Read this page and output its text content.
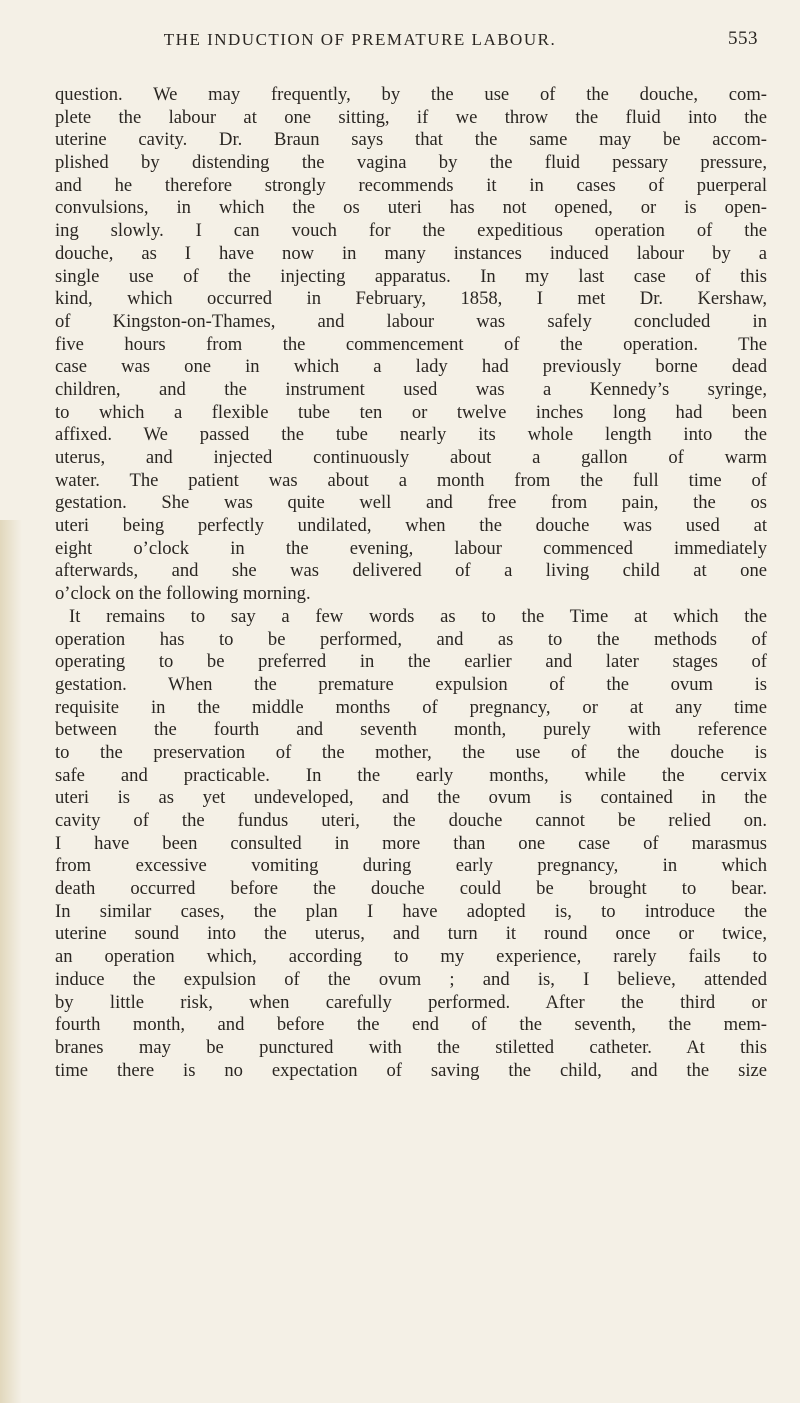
THE INDUCTION OF PREMATURE LABOUR.	553
question. We may frequently, by the use of the douche, com-
plete the labour at one sitting, if we throw the fluid into the
uterine cavity. Dr. Braun says that the same may be accom-
plished by distending the vagina by the fluid pessary pressure,
and he therefore strongly recommends it in cases of puerperal
convulsions, in which the os uteri has not opened, or is open-
ing slowly. I can vouch for the expeditious operation of the
douche, as I have now in many instances induced labour by a
single use of the injecting apparatus. In my last case of this
kind, which occurred in February, 1858, I met Dr. Kershaw,
of Kingston-on-Thames, and labour was safely concluded in
five hours from the commencement of the operation. The
case was one in which a lady had previously borne dead
children, and the instrument used was a Kennedy’s syringe,
to which a flexible tube ten or twelve inches long had been
affixed. We passed the tube nearly its whole length into the
uterus, and injected continuously about a gallon of warm
water. The patient was about a month from the full time of
gestation. She was quite well and free from pain, the os
uteri being perfectly undilated, when the douche was used at
eight o’clock in the evening, labour commenced immediately
afterwards, and she was delivered of a living child at one
o’clock on the following morning.
It remains to say a few words as to the Time at which the
operation has to be performed, and as to the methods of
operating to be preferred in the earlier and later stages of
gestation. When the premature expulsion of the ovum is
requisite in the middle months of pregnancy, or at any time
between the fourth and seventh month, purely with reference
to the preservation of the mother, the use of the douche is
safe and practicable. In the early months, while the cervix
uteri is as yet undeveloped, and the ovum is contained in the
cavity of the fundus uteri, the douche cannot be relied on.
I have been consulted in more than one case of marasmus
from excessive vomiting during early pregnancy, in which
death occurred before the douche could be brought to bear.
In similar cases, the plan I have adopted is, to introduce the
uterine sound into the uterus, and turn it round once or twice,
an operation which, according to my experience, rarely fails to
induce the expulsion of the ovum ; and is, I believe, attended
by little risk, when carefully performed. After the third or
fourth month, and before the end of the seventh, the mem-
branes may be punctured with the stiletted catheter. At this
time there is no expectation of saving the child, and the size
